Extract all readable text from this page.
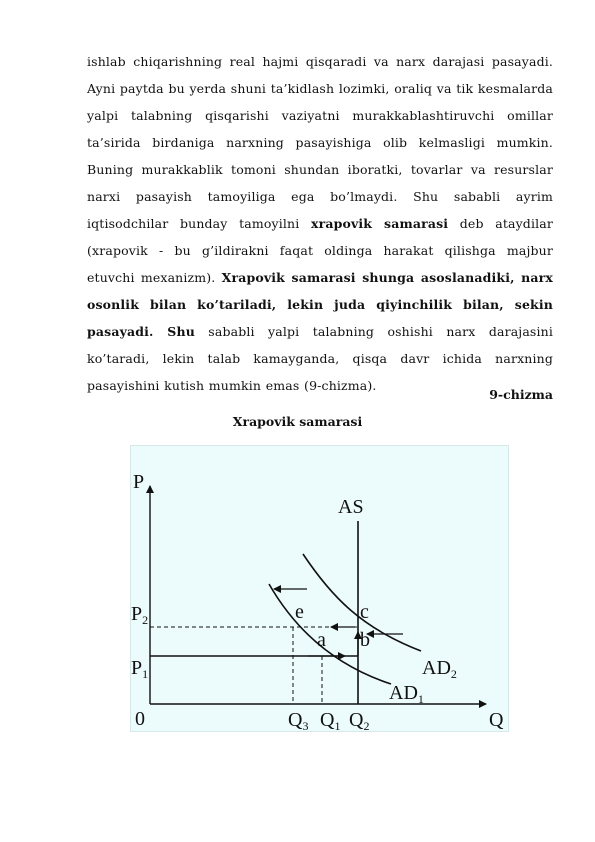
ishlab chiqarishning real hajmi qisqaradi va narx darajasi pasayadi. Ayni paytda bu yerda shuni ta’kidlash lozimki, oraliq va tik kesmalarda yalpi talabning qisqarishi vaziyatni murakkablashtiruvchi omillar ta’sirida birdaniga narxning pasayishiga olib kelmasligi mumkin. Buning murakkablik tomoni shundan iboratki, tovarlar va resurslar narxi pasayish tamoyiliga ega bo’lmaydi. Shu sababli ayrim iqtisodchilar bunday tamoyilni xrapovik samarasi deb ataydilar (xrapovik - bu g’ildirakni faqat oldinga harakat qilishga majbur etuvchi mexanizm). Xrapovik samarasi shunga asoslanadiki, narx osonlik bilan ko’tariladi, lekin juda qiyinchilik bilan, sekin pasayadi. Shu sababli yalpi talabning oshishi narx darajasini ko’taradi, lekin talab kamayganda, qisqa davr ichida narxning pasayishini kutish mumkin emas (9-chizma).

9-chizma
Xrapovik samarasi
P
AS
$P_2$
$P_1$
e	c
a b
$AD_2$
$AD_1$
0	$Q_3$ $Q_1$ $Q_2$	Q
